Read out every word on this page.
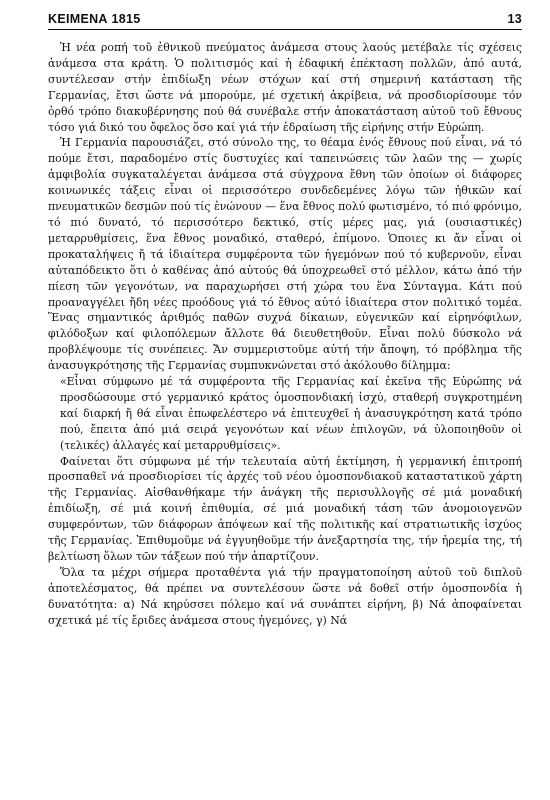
ΚΕΙΜΕΝΑ 1815	13

Ἡ νέα ροπή τοῦ ἐθνικοῦ πνεύματος ἀνάμεσα στους λαούς μετέβαλε τίς σχέσεις ἀνάμεσα στα κράτη. Ὁ πολιτισμός καί ἡ ἐδαφική ἐπέκταση πολλῶν, ἀπό αυτά, συντέλεσαν στήν ἐπιδίωξη νέων στόχων καί στή σημερινή κατάσταση τῆς Γερμανίας, ἔτσι ὥστε νά μπορούμε, μέ σχετική ἀκρίβεια, νά προσδιορίσουμε τόν ὀρθό τρόπο διακυβέρνησης πού θά συνέβαλε στήν ἀποκατάσταση αὐτοῦ τοῦ ἔθνους τόσο γιά δικό του ὄφελος ὅσο καί γιά τήν ἑδραίωση τῆς εἰρήνης στήν Εὐρώπη.

Ἡ Γερμανία παρουσιάζει, στό σύνολο της, το θέαμα ἑνός ἔθνους πού εἶναι, νά τό πούμε ἔτσι, παραδομένο στίς δυστυχίες καί ταπεινώσεις τῶν λαῶν της — χωρίς ἀμφιβολία συγκαταλέγεται ἀνάμεσα στά σύγχρονα ἔθνη τῶν ὁποίων οἱ διάφορες κοινωνικές τάξεις εἶναι οἱ περισσότερο συνδεδεμένες λόγω τῶν ἠθικῶν καί πνευματικῶν δεσμῶν πού τίς ἑνώνουν — ἕνα ἔθνος πολύ φωτισμένο, τό πιό φρόνιμο, τό πιό δυνατό, τό περισσότερο δεκτικό, στίς μέρες μας, γιά (ουσιαστικές) μεταρρυθμίσεις, ἕνα ἔθνος μοναδικό, σταθερό, ἐπίμονο. Ὁποιες κι ἄν εἶναι οἱ προκαταλήψεις ἤ τά ἰδιαίτερα συμφέροντα τῶν ἡγεμόνων πού τό κυβερνοῦν, εἶναι αὐταπόδεικτο ὅτι ὁ καθένας ἀπό αὐτούς θά ὑποχρεωθεῖ στό μέλλον, κάτω ἀπό τήν πίεση τῶν γεγονότων, να παραχωρήσει στή χώρα του ἕνα Σύνταγμα. Κάτι πού προαναγγέλει ἤδη νέες προόδους γιά τό ἔθνος αὐτό ἰδιαίτερα στον πολιτικό τομέα. Ἕνας σημαντικός ἀριθμός παθῶν συχνά δίκαιων, εὐγενικῶν καί εἰρηνόφιλων, φιλόδοξων καί φιλοπόλεμων ἄλλοτε θά διευθετηθοῦν. Εἶναι πολύ δύσκολο νά προβλέψουμε τίς συνέπειες. Ἄν συμμεριστοῦμε αὐτή τήν ἄποψη, τό πρόβλημα τῆς ἀνασυγκρότησης τῆς Γερμανίας συμπυκνώνεται στό ἀκόλουθο δίλημμα:

«Εἶναι σύμφωνο μέ τά συμφέροντα τῆς Γερμανίας καί ἐκεῖνα τῆς Εὐρώπης νά προσδώσουμε στό γερμανικό κράτος ὁμοσπονδιακή ἰσχύ, σταθερή συγκροτημένη καί διαρκή ἤ θά εἶναι ἐπωφελέστερο νά ἐπιτευχθεῖ ἡ ἀνασυγκρότηση κατά τρόπο πού, ἔπειτα ἀπό μιά σειρά γεγονότων καί νέων ἐπιλογῶν, νά ὑλοποιηθοῦν οἱ (τελικές) ἀλλαγές καί μεταρρυθμίσεις».

Φαίνεται ὅτι σύμφωνα μέ τήν τελευταία αὐτή ἐκτίμηση, ἡ γερμανική ἐπιτροπή προσπαθεῖ νά προσδιορίσει τίς ἀρχές τοῦ νέου ὁμοσπονδιακοῦ καταστατικοῦ χάρτη τῆς Γερμανίας. Αἰσθανθήκαμε τήν ἀνάγκη τῆς περισυλλογῆς σέ μιά μοναδική ἐπιδίωξη, σέ μιά κοινή ἐπιθυμία, σέ μιά μοναδική τάση τῶν ἀνομοιογενῶν συμφερόντων, τῶν διάφορων ἀπόψεων καί τῆς πολιτικῆς καί στρατιωτικῆς ἰσχύος τῆς Γερμανίας. Ἐπιθυμοῦμε νά ἐγγυηθοῦμε τήν ἀνεξαρτησία της, τήν ἠρεμία της, τή βελτίωση ὅλων τῶν τάξεων πού τήν ἀπαρτίζουν.

Ὅλα τα μέχρι σήμερα προταθέντα γιά τήν πραγματοποίηση αὐτοῦ τοῦ διπλοῦ ἀποτελέσματος, θά πρέπει να συντελέσουν ὥστε νά δοθεῖ στήν ὁμοσπονδία ἡ δυνατότητα: α) Νά κηρύσσει πόλεμο καί νά συνάπτει εἰρήνη, β) Νά ἀποφαίνεται σχετικά μέ τίς ἔριδες ἀνάμεσα στους ἡγεμόνες, γ) Νά
